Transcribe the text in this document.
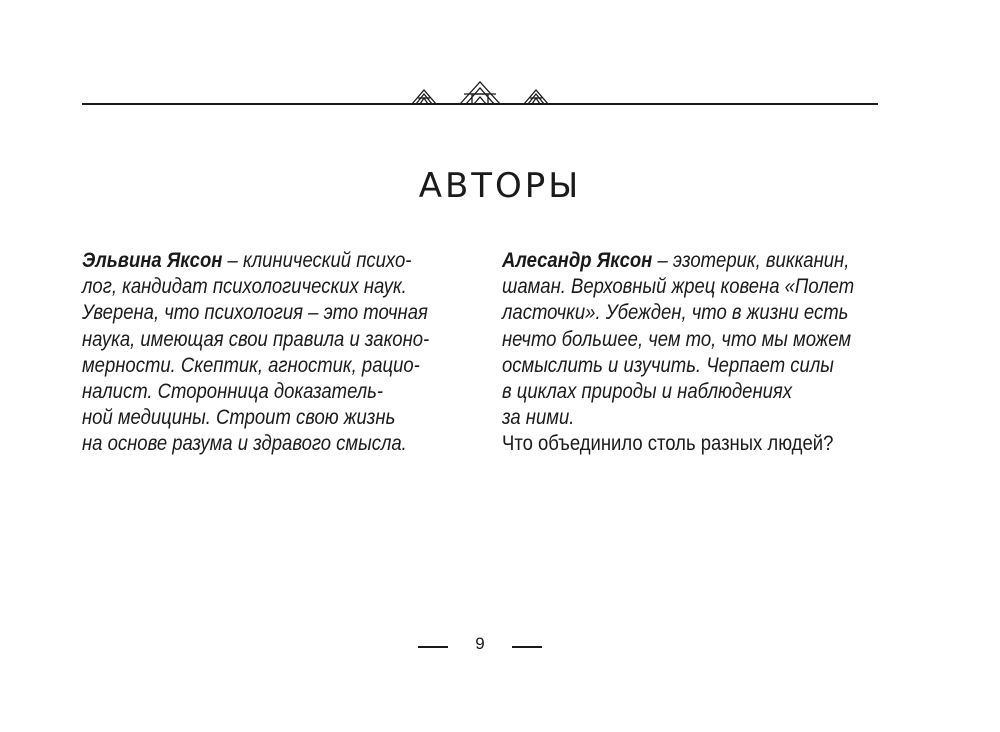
АВТОРЫ
Эльвина Яксон – клинический психо-
лог, кандидат психологических наук.
Уверена, что психология – это точная
наука, имеющая свои правила и законо-
мерности. Скептик, агностик, рацио-
налист. Сторонница доказатель-
ной медицины. Строит свою жизнь
на основе разума и здравого смысла.
Алесандр Яксон – эзотерик, викканин,
шаман. Верховный жрец ковена «Полет
ласточки». Убежден, что в жизни есть
нечто большее, чем то, что мы можем
осмыслить и изучить. Черпает силы
в циклах природы и наблюдениях
за ними.
Что объединило столь разных людей?
9
